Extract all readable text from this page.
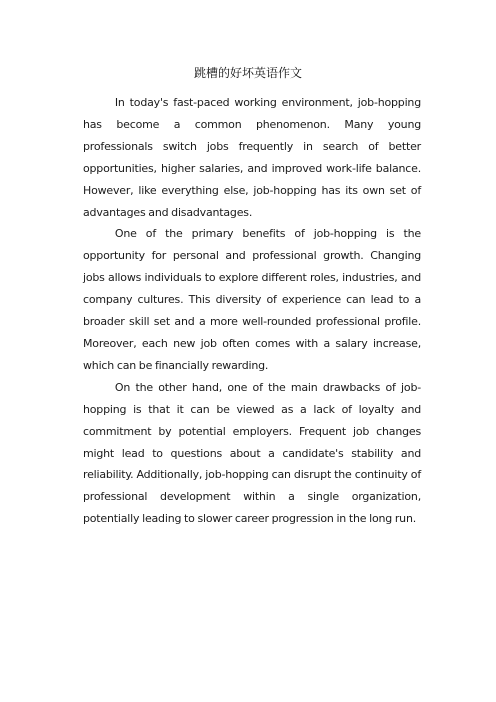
跳槽的好坏英语作文

In today's fast-paced working environment, job-hopping has become a common phenomenon. Many young professionals switch jobs frequently in search of better opportunities, higher salaries, and improved work-life balance. However, like everything else, job-hopping has its own set of advantages and disadvantages.

One of the primary benefits of job-hopping is the opportunity for personal and professional growth. Changing jobs allows individuals to explore different roles, industries, and company cultures. This diversity of experience can lead to a broader skill set and a more well-rounded professional profile. Moreover, each new job often comes with a salary increase, which can be financially rewarding.

On the other hand, one of the main drawbacks of job-hopping is that it can be viewed as a lack of loyalty and commitment by potential employers. Frequent job changes might lead to questions about a candidate's stability and reliability. Additionally, job-hopping can disrupt the continuity of professional development within a single organization, potentially leading to slower career progression in the long run.
